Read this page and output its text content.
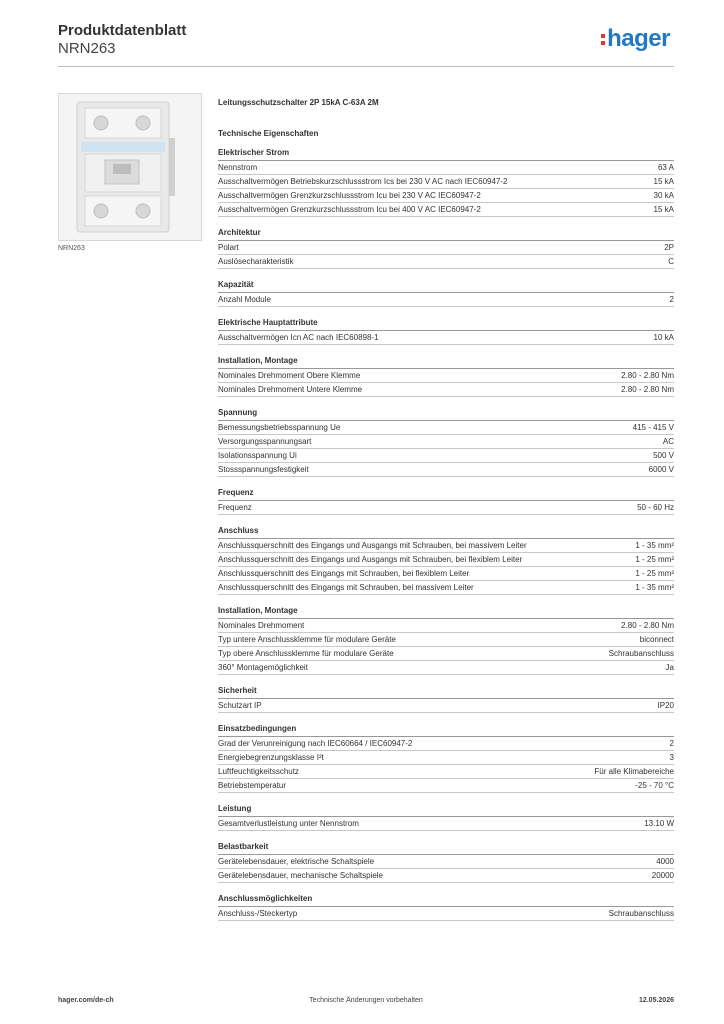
Produktdatenblatt
NRN263	hager
NRN263
Leitungsschutzschalter 2P 15kA C-63A 2M
Technische Eigenschaften
Elektrischer Strom
Nennstrom	63 A
Ausschaltvermögen Betriebskurzschlussstrom Ics bei 230 V AC nach IEC60947-2	15 kA
Ausschaltvermögen Grenzkurzschlussstrom Icu bei 230 V AC IEC60947-2	30 kA
Ausschaltvermögen Grenzkurzschlussstrom Icu bei 400 V AC IEC60947-2	15 kA
Architektur
Polart	2P
Auslösecharakteristik	C
Kapazität
Anzahl Module	2
Elektrische Hauptattribute
Ausschaltvermögen Icn AC nach IEC60898-1	10 kA
Installation, Montage
Nominales Drehmoment Obere Klemme	2.80 - 2.80 Nm
Nominales Drehmoment Untere Klemme	2.80 - 2.80 Nm
Spannung
Bemessungsbetriebsspannung Ue	415 - 415 V
Versorgungsspannungsart	AC
Isolationsspannung Ui	500 V
Stossspannungsfestigkeit	6000 V
Frequenz
Frequenz	50 - 60 Hz
Anschluss
Anschlussquerschnitt des Eingangs und Ausgangs mit Schrauben, bei massivem Leiter	1 - 35 mm²
Anschlussquerschnitt des Eingangs und Ausgangs mit Schrauben, bei flexiblem Leiter	1 - 25 mm²
Anschlussquerschnitt des Eingangs mit Schrauben, bei flexiblem Leiter	1 - 25 mm²
Anschlussquerschnitt des Eingangs mit Schrauben, bei massivem Leiter	1 - 35 mm²
Installation, Montage
Nominales Drehmoment	2.80 - 2.80 Nm
Typ untere Anschlussklemme für modulare Geräte	biconnect
Typ obere Anschlussklemme für modulare Geräte	Schraubanschluss
360° Montagemöglichkeit	Ja
Sicherheit
Schutzart IP	IP20
Einsatzbedingungen
Grad der Verunreinigung nach IEC60664 / IEC60947-2	2
Energiebegrenzungsklasse I²t	3
Luftfeuchtigkeitsschutz	Für alle Klimabereiche
Betriebstemperatur	-25 - 70 °C
Leistung
Gesamtverlustleistung unter Nennstrom	13.10 W
Belastbarkeit
Gerätelebensdauer, elektrische Schaltspiele	4000
Gerätelebensdauer, mechanische Schaltspiele	20000
Anschlussmöglichkeiten
Anschluss-/Steckertyp	Schraubanschluss
hager.com/de-ch	Technische Änderungen vorbehalten	12.05.2026
